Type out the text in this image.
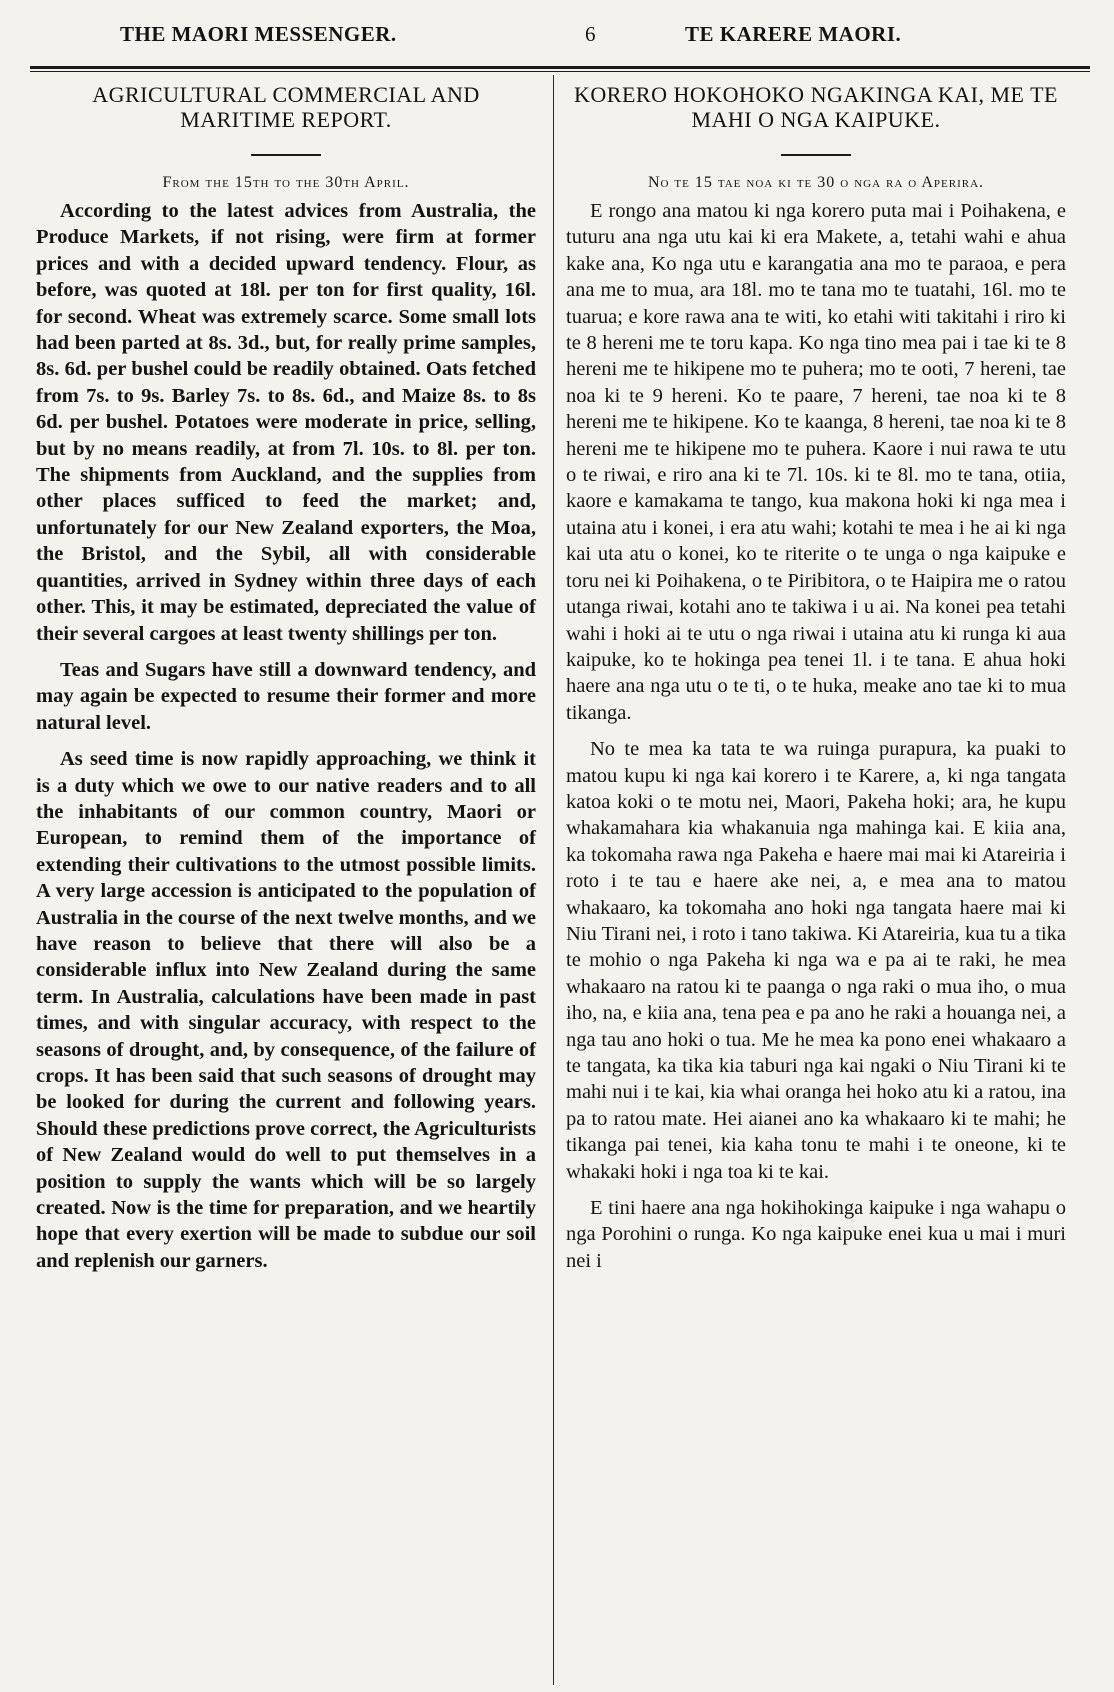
THE MAORI MESSENGER.	6	TE KARERE MAORI.
AGRICULTURAL COMMERCIAL AND MARITIME REPORT.

From the 15th to the 30th April.

According to the latest advices from Australia, the Produce Markets, if not rising, were firm at former prices and with a decided upward tendency. Flour, as before, was quoted at 18l. per ton for first quality, 16l. for second. Wheat was extremely scarce. Some small lots had been parted at 8s. 3d., but, for really prime samples, 8s. 6d. per bushel could be readily obtained. Oats fetched from 7s. to 9s. Barley 7s. to 8s. 6d., and Maize 8s. to 8s 6d. per bushel. Potatoes were moderate in price, selling, but by no means readily, at from 7l. 10s. to 8l. per ton. The shipments from Auckland, and the supplies from other places sufficed to feed the market; and, unfortunately for our New Zealand exporters, the Moa, the Bristol, and the Sybil, all with considerable quantities, arrived in Sydney within three days of each other. This, it may be estimated, depreciated the value of their several cargoes at least twenty shillings per ton.

Teas and Sugars have still a downward tendency, and may again be expected to resume their former and more natural level.

As seed time is now rapidly approaching, we think it is a duty which we owe to our native readers and to all the inhabitants of our common country, Maori or European, to remind them of the importance of extending their cultivations to the utmost possible limits. A very large accession is anticipated to the population of Australia in the course of the next twelve months, and we have reason to believe that there will also be a considerable influx into New Zealand during the same term. In Australia, calculations have been made in past times, and with singular accuracy, with respect to the seasons of drought, and, by consequence, of the failure of crops. It has been said that such seasons of drought may be looked for during the current and following years. Should these predictions prove correct, the Agriculturists of New Zealand would do well to put themselves in a position to supply the wants which will be so largely created. Now is the time for preparation, and we heartily hope that every exertion will be made to subdue our soil and replenish our garners.

KORERO HOKOHOKO NGAKINGA KAI, ME TE MAHI O NGA KAIPUKE.

No te 15 tae noa ki te 30 o nga ra o Aperira.

E rongo ana matou ki nga korero puta mai i Poihakena, e tuturu ana nga utu kai ki era Makete, a, tetahi wahi e ahua kake ana, Ko nga utu e karangatia ana mo te paraoa, e pera ana me to mua, ara 18l. mo te tana mo te tuatahi, 16l. mo te tuarua; e kore rawa ana te witi, ko etahi witi takitahi i riro ki te 8 hereni me te toru kapa. Ko nga tino mea pai i tae ki te 8 hereni me te hikipene mo te puhera; mo te ooti, 7 hereni, tae noa ki te 9 hereni. Ko te paare, 7 hereni, tae noa ki te 8 hereni me te hikipene. Ko te kaanga, 8 hereni, tae noa ki te 8 hereni me te hikipene mo te puhera. Kaore i nui rawa te utu o te riwai, e riro ana ki te 7l. 10s. ki te 8l. mo te tana, otiia, kaore e kamakama te tango, kua makona hoki ki nga mea i utaina atu i konei, i era atu wahi; kotahi te mea i he ai ki nga kai uta atu o konei, ko te riterite o te unga o nga kaipuke e toru nei ki Poihakena, o te Piribitora, o te Haipira me o ratou utanga riwai, kotahi ano te takiwa i u ai. Na konei pea tetahi wahi i hoki ai te utu o nga riwai i utaina atu ki runga ki aua kaipuke, ko te hokinga pea tenei 1l. i te tana. E ahua hoki haere ana nga utu o te ti, o te huka, meake ano tae ki to mua tikanga.

No te mea ka tata te wa ruinga purapura, ka puaki to matou kupu ki nga kai korero i te Karere, a, ki nga tangata katoa koki o te motu nei, Maori, Pakeha hoki; ara, he kupu whakamahara kia whakanuia nga mahinga kai. E kiia ana, ka tokomaha rawa nga Pakeha e haere mai mai ki Atareiria i roto i te tau e haere ake nei, a, e mea ana to matou whakaaro, ka tokomaha ano hoki nga tangata haere mai ki Niu Tirani nei, i roto i tano takiwa. Ki Atareiria, kua tu a tika te mohio o nga Pakeha ki nga wa e pa ai te raki, he mea whakaaro na ratou ki te paanga o nga raki o mua iho, o mua iho, na, e kiia ana, tena pea e pa ano he raki a houanga nei, a nga tau ano hoki o tua. Me he mea ka pono enei whakaaro a te tangata, ka tika kia taburi nga kai ngaki o Niu Tirani ki te mahi nui i te kai, kia whai oranga hei hoko atu ki a ratou, ina pa to ratou mate. Hei aianei ano ka whakaaro ki te mahi; he tikanga pai tenei, kia kaha tonu te mahi i te oneone, ki te whakaki hoki i nga toa ki te kai.

E tini haere ana nga hokihokinga kaipuke i nga wahapu o nga Porohini o runga. Ko nga kaipuke enei kua u mai i muri nei i
